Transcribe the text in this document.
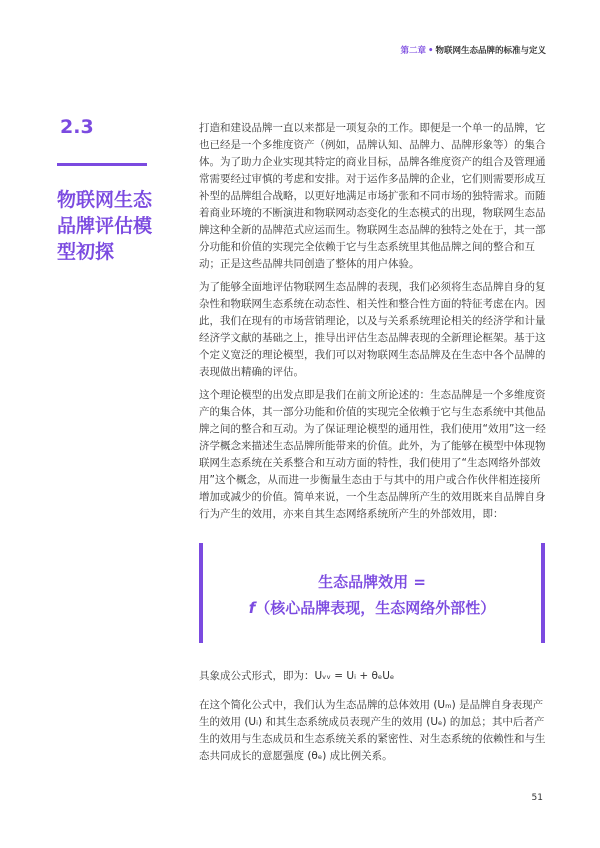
第二章 • 物联网生态品牌的标准与定义
2.3
物联网生态品牌评估模型初探

打造和建设品牌一直以来都是一项复杂的工作。即便是一个单一的品牌，它也已经是一个多维度资产（例如，品牌认知、品牌力、品牌形象等）的集合体。为了助力企业实现其特定的商业目标，品牌各维度资产的组合及管理通常需要经过审慎的考虑和安排。对于运作多品牌的企业，它们则需要形成互补型的品牌组合战略，以更好地满足市场扩张和不同市场的独特需求。而随着商业环境的不断演进和物联网动态变化的生态模式的出现，物联网生态品牌这种全新的品牌范式应运而生。物联网生态品牌的独特之处在于，其一部分功能和价值的实现完全依赖于它与生态系统里其他品牌之间的整合和互动；正是这些品牌共同创造了整体的用户体验。

为了能够全面地评估物联网生态品牌的表现，我们必须将生态品牌自身的复杂性和物联网生态系统在动态性、相关性和整合性方面的特征考虑在内。因此，我们在现有的市场营销理论，以及与关系系统理论相关的经济学和计量经济学文献的基础之上，推导出评估生态品牌表现的全新理论框架。基于这个定义宽泛的理论模型，我们可以对物联网生态品牌及在生态中各个品牌的表现做出精确的评估。

这个理论模型的出发点即是我们在前文所论述的：生态品牌是一个多维度资产的集合体，其一部分功能和价值的实现完全依赖于它与生态系统中其他品牌之间的整合和互动。为了保证理论模型的通用性，我们使用“效用”这一经济学概念来描述生态品牌所能带来的价值。此外，为了能够在模型中体现物联网生态系统在关系整合和互动方面的特性，我们使用了“生态网络外部效用”这个概念，从而进一步衡量生态由于与其中的用户或合作伙伴相连接所增加或减少的价值。简单来说，一个生态品牌所产生的效用既来自品牌自身行为产生的效用，亦来自其生态网络系统所产生的外部效用，即：

生态品牌效用 =
f（核心品牌表现，生态网络外部性）

具象成公式形式，即为：Uᵥᵥ = Uᵢ + θₑUₑ

在这个简化公式中，我们认为生态品牌的总体效用 (Uₘ) 是品牌自身表现产生的效用 (Uᵢ) 和其生态系统成员表现产生的效用 (Uₑ) 的加总；其中后者产生的效用与生态成员和生态系统关系的紧密性、对生态系统的依赖性和与生态共同成长的意愿强度 (θₑ) 成比例关系。

51
